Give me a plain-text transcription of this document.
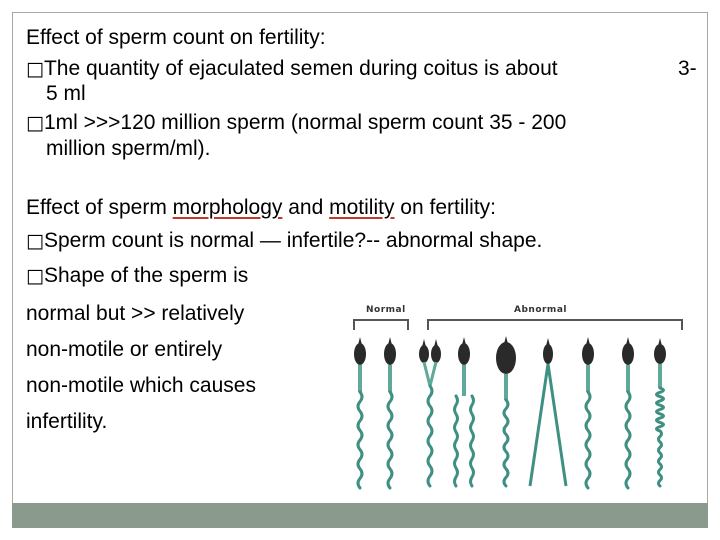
Effect of sperm count on fertility:
□The quantity of ejaculated semen during coitus is about	3-
5 ml
□1ml >>>120 million sperm (normal sperm count 35 - 200
million sperm/ml).
Effect of sperm morphology and motility on fertility:
□Sperm count is normal — infertile?-- abnormal shape.
□Shape of the sperm is
normal but >> relatively
non-motile or entirely
non-motile which causes
infertility.
Normal	Abnormal
